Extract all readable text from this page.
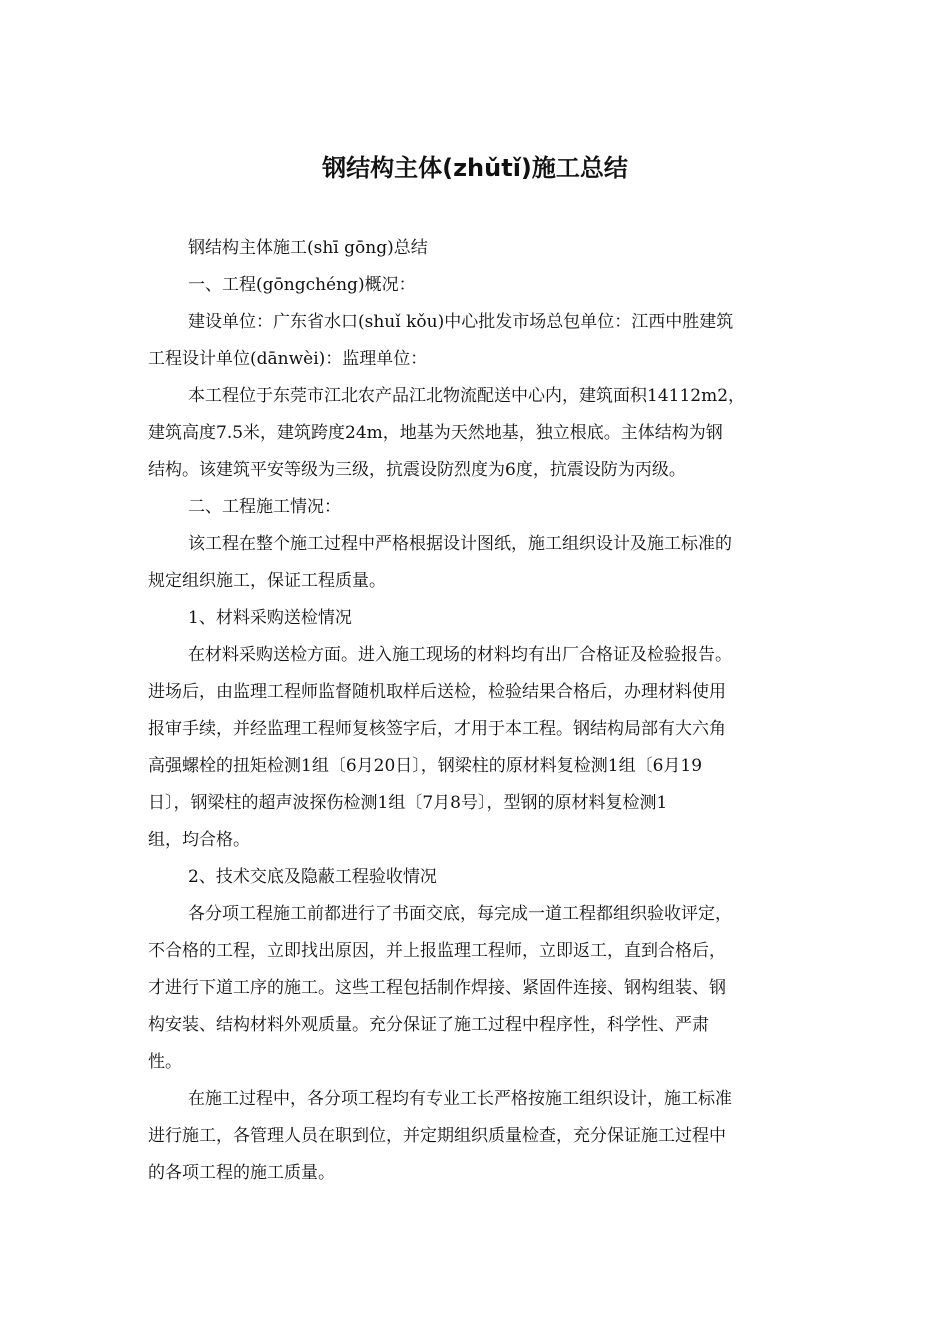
钢结构主体(zhǔtǐ)施工总结
钢结构主体施工(shī gōng)总结
一、工程(gōngchéng)概况：
建设单位：广东省水口(shuǐ kǒu)中心批发市场总包单位：江西中胜建筑
工程设计单位(dānwèi)：监理单位：
本工程位于东莞市江北农产品江北物流配送中心内，建筑面积14112m2，
建筑高度7.5米，建筑跨度24m，地基为天然地基，独立根底。主体结构为钢
结构。该建筑平安等级为三级，抗震设防烈度为6度，抗震设防为丙级。
二、工程施工情况：
该工程在整个施工过程中严格根据设计图纸，施工组织设计及施工标准的
规定组织施工，保证工程质量。
1、材料采购送检情况
在材料采购送检方面。进入施工现场的材料均有出厂合格证及检验报告。
进场后，由监理工程师监督随机取样后送检，检验结果合格后，办理材料使用
报审手续，并经监理工程师复核签字后，才用于本工程。钢结构局部有大六角
高强螺栓的扭矩检测1组〔6月20日〕，钢梁柱的原材料复检测1组〔6月19
日〕，钢梁柱的超声波探伤检测1组〔7月8号〕，型钢的原材料复检测1
组，均合格。
2、技术交底及隐蔽工程验收情况
各分项工程施工前都进行了书面交底，每完成一道工程都组织验收评定，
不合格的工程，立即找出原因，并上报监理工程师，立即返工，直到合格后，
才进行下道工序的施工。这些工程包括制作焊接、紧固件连接、钢构组装、钢
构安装、结构材料外观质量。充分保证了施工过程中程序性，科学性、严肃
性。
在施工过程中，各分项工程均有专业工长严格按施工组织设计，施工标准
进行施工，各管理人员在职到位，并定期组织质量检查，充分保证施工过程中
的各项工程的施工质量。
